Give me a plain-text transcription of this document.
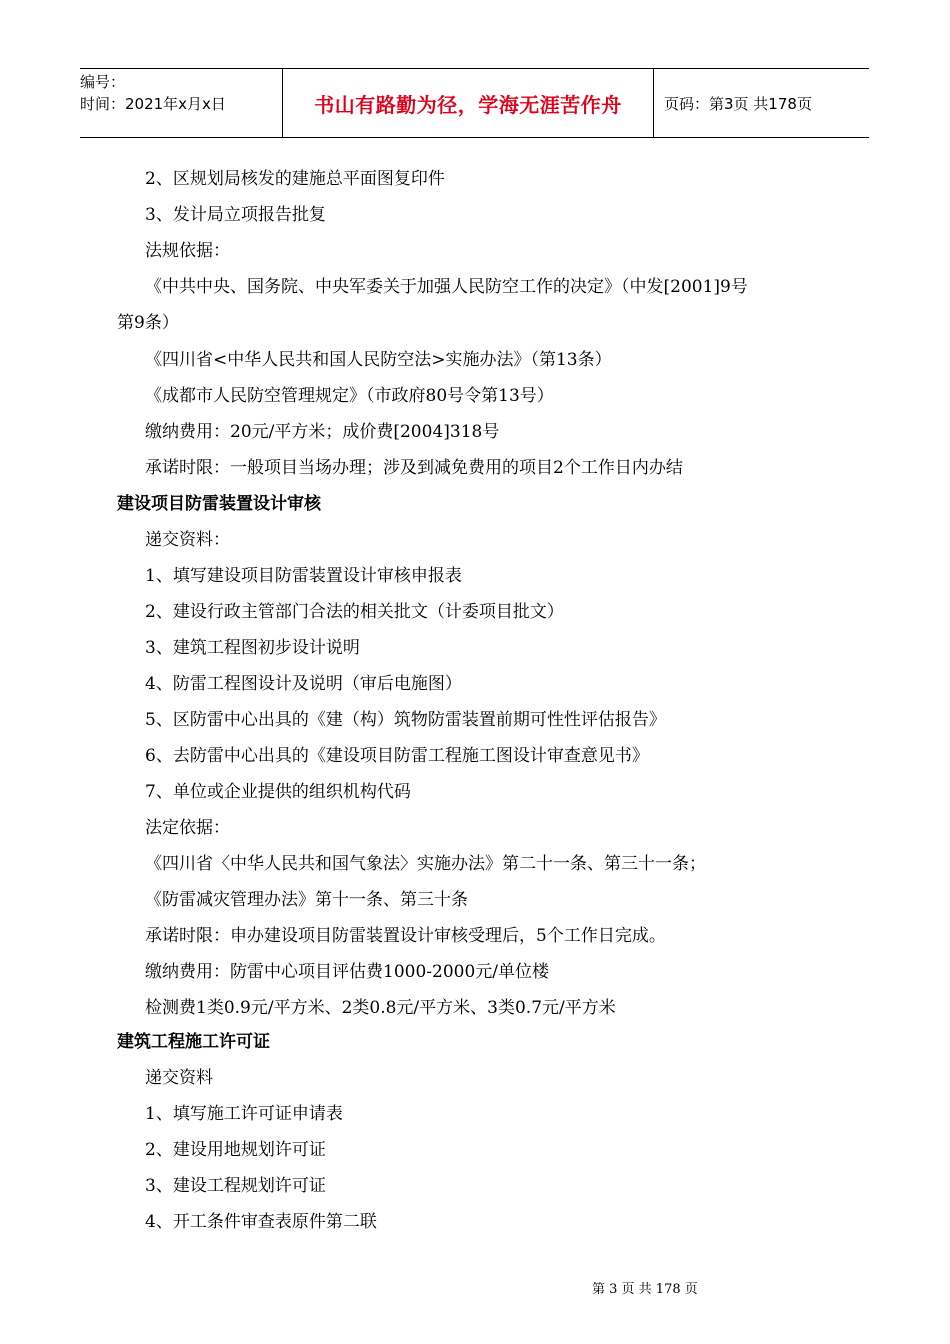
编号：
时间：2021年x月x日	书山有路勤为径，学海无涯苦作舟	页码：第3页 共178页
2、区规划局核发的建施总平面图复印件
3、发计局立项报告批复
法规依据：
《中共中央、国务院、中央军委关于加强人民防空工作的决定》（中发[2001]9号
第9条）
《四川省<中华人民共和国人民防空法>实施办法》（第13条）
《成都市人民防空管理规定》（市政府80号令第13号）
缴纳费用：20元/平方米；成价费[2004]318号
承诺时限：一般项目当场办理；涉及到减免费用的项目2个工作日内办结
建设项目防雷装置设计审核
递交资料：
1、填写建设项目防雷装置设计审核申报表
2、建设行政主管部门合法的相关批文（计委项目批文）
3、建筑工程图初步设计说明
4、防雷工程图设计及说明（审后电施图）
5、区防雷中心出具的《建（构）筑物防雷装置前期可性性评估报告》
6、去防雷中心出具的《建设项目防雷工程施工图设计审查意见书》
7、单位或企业提供的组织机构代码
法定依据：
《四川省〈中华人民共和国气象法〉实施办法》第二十一条、第三十一条；
《防雷减灾管理办法》第十一条、第三十条
承诺时限：申办建设项目防雷装置设计审核受理后，5个工作日完成。
缴纳费用：防雷中心项目评估费1000-2000元/单位楼
检测费1类0.9元/平方米、2类0.8元/平方米、3类0.7元/平方米
建筑工程施工许可证
递交资料
1、填写施工许可证申请表
2、建设用地规划许可证
3、建设工程规划许可证
4、开工条件审查表原件第二联
第 3 页 共 178 页
